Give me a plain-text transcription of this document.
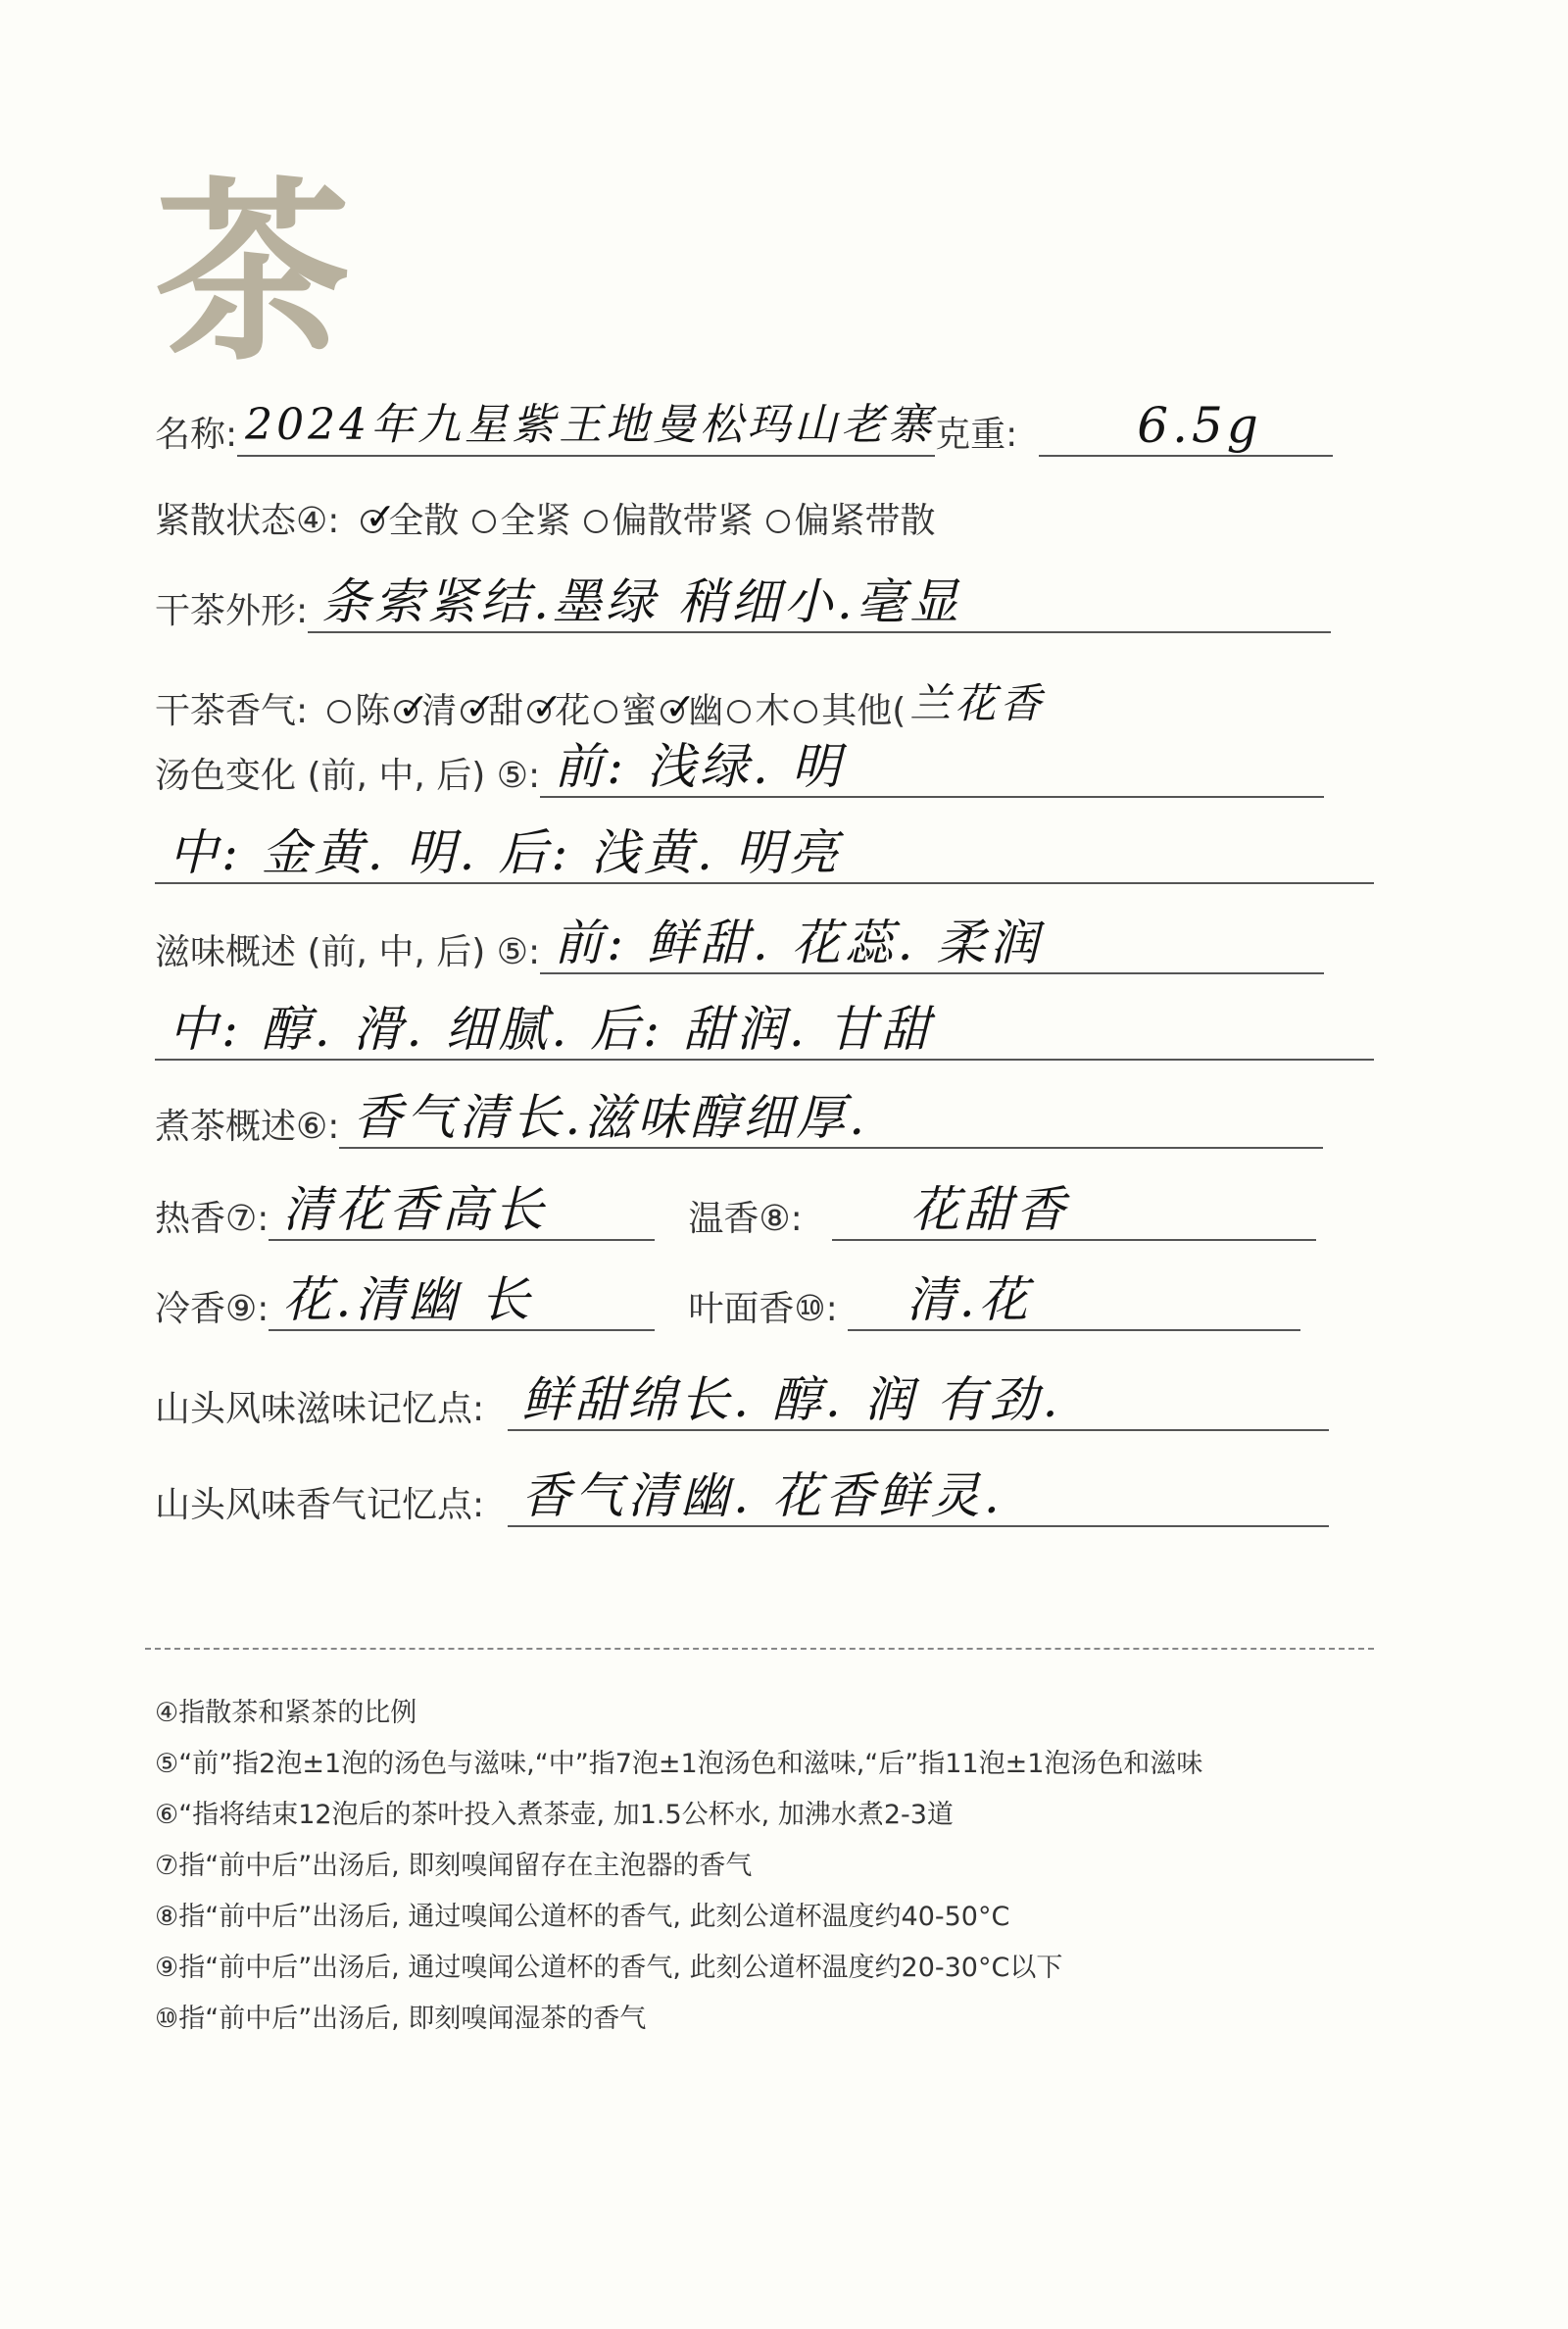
茶
名称: 2024年九星紫王地曼松玛山老寨 克重: 6.5g
紧散状态④: ✓
全散 全紧 偏散带紧 偏紧带散
干茶外形: 条索紧结.墨绿 稍细小.毫显
干茶香气: 陈 ✓
清 ✓
甜 ✓
花 蜜 ✓
幽 木 其他( 兰花香
汤色变化 (前, 中, 后) ⑤: 前: 浅绿. 明
中: 金黄. 明. 后: 浅黄. 明亮
滋味概述 (前, 中, 后) ⑤: 前: 鲜甜. 花蕊. 柔润
中: 醇. 滑. 细腻. 后: 甜润. 甘甜
煮茶概述⑥: 香气清长.滋味醇细厚.
热香⑦: 清花香高长	温香⑧: 花甜香
冷香⑨: 花.清幽 长	叶面香⑩: 清.花
山头风味滋味记忆点: 鲜甜绵长. 醇. 润 有劲.
山头风味香气记忆点: 香气清幽. 花香鲜灵.
④指散茶和紧茶的比例
⑤“前”指2泡±1泡的汤色与滋味,“中”指7泡±1泡汤色和滋味,“后”指11泡±1泡汤色和滋味
⑥“指将结束12泡后的茶叶投入煮茶壶, 加1.5公杯水, 加沸水煮2-3道
⑦指“前中后”出汤后, 即刻嗅闻留存在主泡器的香气
⑧指“前中后”出汤后, 通过嗅闻公道杯的香气, 此刻公道杯温度约40-50°C
⑨指“前中后”出汤后, 通过嗅闻公道杯的香气, 此刻公道杯温度约20-30°C以下
⑩指“前中后”出汤后, 即刻嗅闻湿茶的香气
